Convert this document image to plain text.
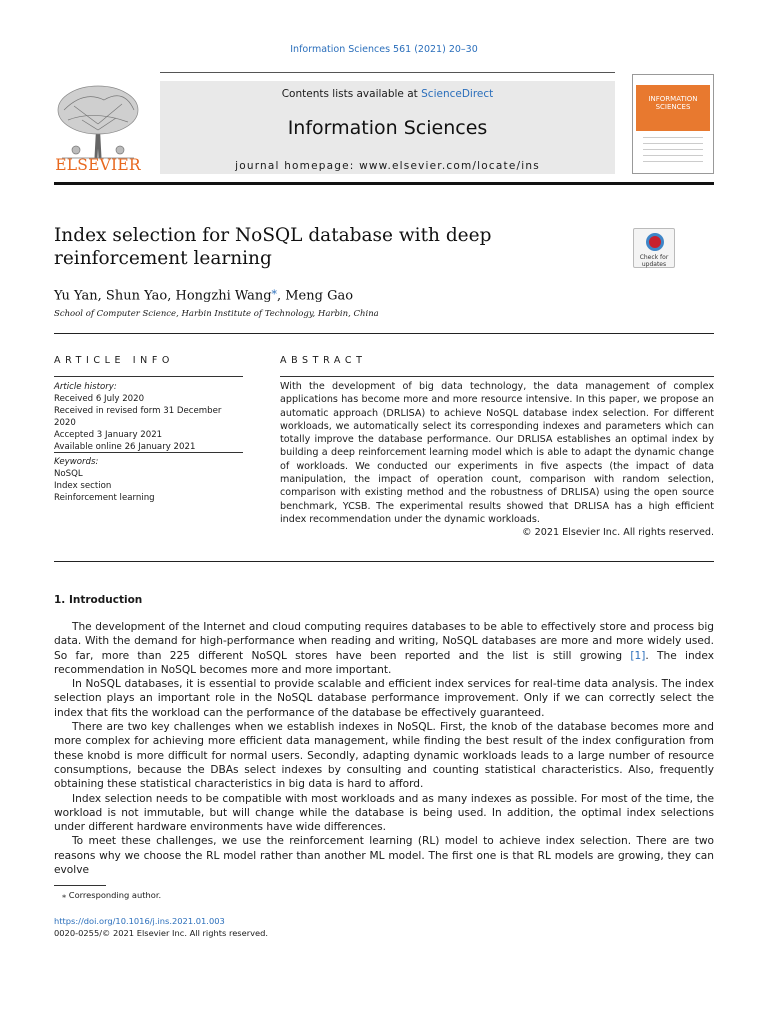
Information Sciences 561 (2021) 20–30
ELSEVIER
Contents lists available at ScienceDirect
Information Sciences
journal homepage: www.elsevier.com/locate/ins
INFORMATION SCIENCES
Index selection for NoSQL database with deep reinforcement learning	Check for updates
Yu Yan, Shun Yao, Hongzhi Wang⁎, Meng Gao
School of Computer Science, Harbin Institute of Technology, Harbin, China
ARTICLE INFO	ABSTRACT
Article history:
Received 6 July 2020
Received in revised form 31 December 2020
Accepted 3 January 2021
Available online 26 January 2021
Keywords:
NoSQL
Index section
Reinforcement learning
With the development of big data technology, the data management of complex applications has become more and more resource intensive. In this paper, we propose an automatic approach (DRLISA) to achieve NoSQL database index selection. For different workloads, we automatically select its corresponding indexes and parameters which can totally improve the database performance. Our DRLISA establishes an optimal index by building a deep reinforcement learning model which is able to adapt the dynamic change of workloads. We conducted our experiments in five aspects (the impact of data manipulation, the impact of operation count, comparison with random selection, comparison with existing method and the robustness of DRLISA) using the open source benchmark, YCSB. The experimental results showed that DRLISA has a high efficient index recommendation under the dynamic workloads.
© 2021 Elsevier Inc. All rights reserved.
1. Introduction

The development of the Internet and cloud computing requires databases to be able to effectively store and process big data. With the demand for high-performance when reading and writing, NoSQL databases are more and more widely used. So far, more than 225 different NoSQL stores have been reported and the list is still growing [1]. The index recommendation in NoSQL becomes more and more important.

In NoSQL databases, it is essential to provide scalable and efficient index services for real-time data analysis. The index selection plays an important role in the NoSQL database performance improvement. Only if we can correctly select the index that fits the workload can the performance of the database be effectively guaranteed.

There are two key challenges when we establish indexes in NoSQL. First, the knob of the database becomes more and more complex for achieving more efficient data management, while finding the best result of the index configuration from these knobd is more difficult for normal users. Secondly, adapting dynamic workloads leads to a large number of resource consumptions, because the DBAs select indexes by consulting and counting statistical characteristics. Also, frequently obtaining these statistical characteristics in big data is hard to afford.

Index selection needs to be compatible with most workloads and as many indexes as possible. For most of the time, the workload is not immutable, but will change while the database is being used. In addition, the optimal index selections under different hardware environments have wide differences.

To meet these challenges, we use the reinforcement learning (RL) model to achieve index selection. There are two reasons why we choose the RL model rather than another ML model. The first one is that RL models are growing, they can evolve

⁎ Corresponding author.
https://doi.org/10.1016/j.ins.2021.01.003
0020-0255/© 2021 Elsevier Inc. All rights reserved.
